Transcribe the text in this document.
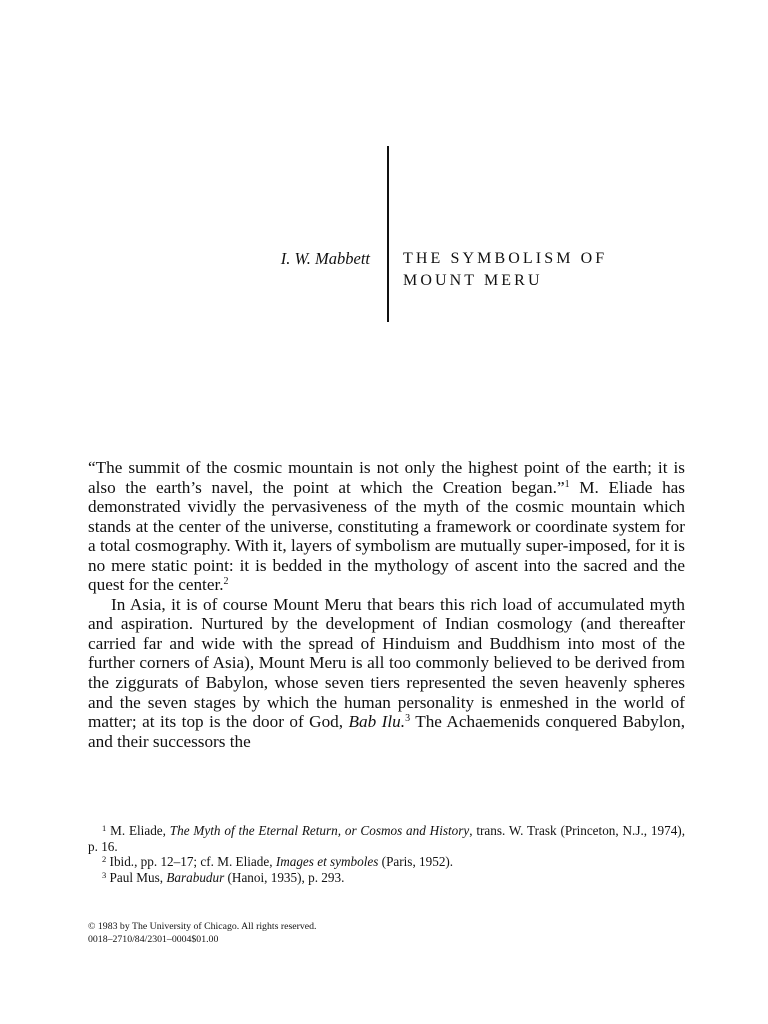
I. W. Mabbett THE SYMBOLISM OF
MOUNT MERU

“The summit of the cosmic mountain is not only the highest point of the earth; it is also the earth’s navel, the point at which the Creation began.”$^1$ M. Eliade has demonstrated vividly the pervasiveness of the myth of the cosmic mountain which stands at the center of the universe, constituting a framework or coordinate system for a total cosmography. With it, layers of symbolism are mutually super-imposed, for it is no mere static point: it is bedded in the mythology of ascent into the sacred and the quest for the center.$^2$

In Asia, it is of course Mount Meru that bears this rich load of accumulated myth and aspiration. Nurtured by the development of Indian cosmology (and thereafter carried far and wide with the spread of Hinduism and Buddhism into most of the further corners of Asia), Mount Meru is all too commonly believed to be derived from the ziggurats of Babylon, whose seven tiers represented the seven heavenly spheres and the seven stages by which the human personality is enmeshed in the world of matter; at its top is the door of God, Bab Ilu.$^3$ The Achaemenids conquered Babylon, and their successors the

$^1$ M. Eliade, The Myth of the Eternal Return, or Cosmos and History, trans. W. Trask (Princeton, N.J., 1974), p. 16.

$^2$ Ibid., pp. 12–17; cf. M. Eliade, Images et symboles (Paris, 1952).

$^3$ Paul Mus, Barabudur (Hanoi, 1935), p. 293.

© 1983 by The University of Chicago. All rights reserved.

0018–2710/84/2301–0004$01.00
